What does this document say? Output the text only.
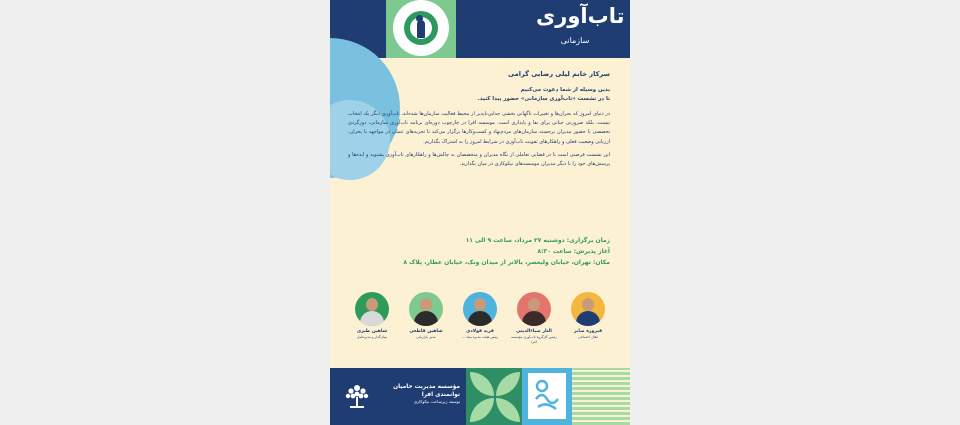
تاب‌آوری
سازمانی

سرکار خانم لیلی رضایی گرامی

بدین وسیله از شما دعوت می‌کنیم
تا در نشست «تاب‌آوری سازمانی» حضور پیدا کنید.

در دنیای امروز که بحران‌ها و تغییرات ناگهانی بخشی جدایی‌ناپذیر از محیط فعالیت سازمان‌ها شده‌اند، تاب‌آوری دیگر یک انتخاب نیست، بلکه ضرورتی حیاتی برای بقا و پایداری است. موسسه افرا در چارچوب دوره‌ای برنامه تاب‌آوری سازمانی، دورگردی تخصصی با حضور مدیران برجسته سازمان‌های مردم‌نهاد و کسب‌وکارها برگزار می‌کند تا تجربه‌های عملی در مواجهه با بحران، ارزیابی وضعیت فعلی و راهکارهای تقویت تاب‌آوری در شرایط امروز را به اشتراک بگذاریم.

این نشست فرصتی است تا در فضایی تعاملی از نگاه مدیران و متخصصان به چالش‌ها و راهکارهای تاب‌آوری بشنوید و ایده‌ها و پرسش‌های خود را با دیگر مدیران موسسه‌های نیکوکاری در میان بگذارید.

زمان برگزاری: دوشنبه ۲۷ مرداد، ساعت ۹ الی ۱۱
آغاز پذیرش: ساعت ۸:۳۰
مکان: تهران، خیابان ولیعصر، بالاتر از میدان ونک، خیابان عطار، پلاک ۸
فیروزه صابر
فعال اجتماعی
الناز ضیاءالدینی
رئیس کارگروه تاب‌آوری مؤسسه افرا
فرید فولادی
رئیس هیئت مدیره بنیاد ...
شاهین قاطعی
مدیر بازاریابی
شاهین طیری
بنیان‌گذار و مدیرعامل
مؤسسه مدیریت حامیان توانمندی افرا
توسعه زیرساخت نیکوکاری
